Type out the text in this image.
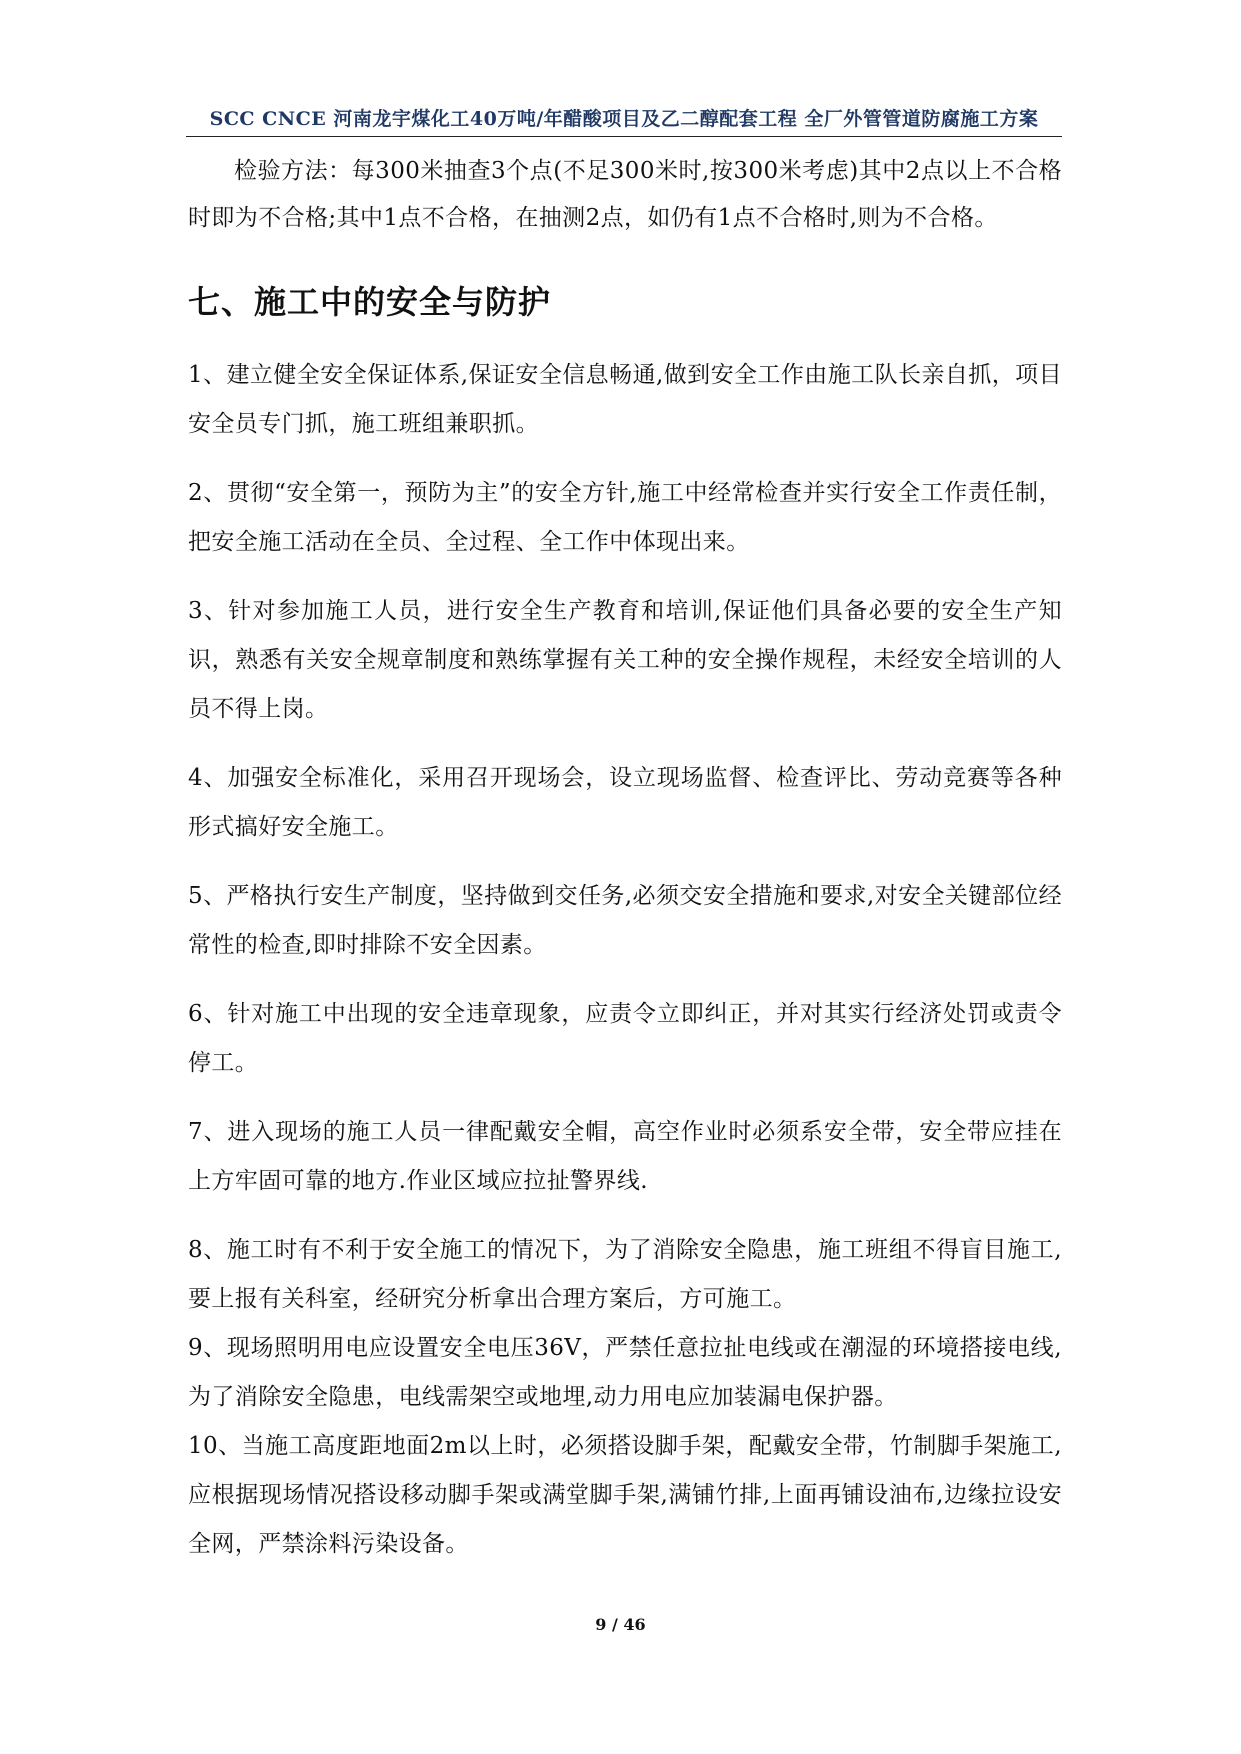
SCC CNCE 河南龙宇煤化工40万吨/年醋酸项目及乙二醇配套工程 全厂外管管道防腐施工方案

检验方法：每300米抽查3个点(不足300米时,按300米考虑)其中2点以上不合格时即为不合格;其中1点不合格，在抽测2点，如仍有1点不合格时,则为不合格。

七、施工中的安全与防护

1、建立健全安全保证体系,保证安全信息畅通,做到安全工作由施工队长亲自抓，项目安全员专门抓，施工班组兼职抓。

2、贯彻“安全第一，预防为主”的安全方针,施工中经常检查并实行安全工作责任制，把安全施工活动在全员、全过程、全工作中体现出来。

3、针对参加施工人员，进行安全生产教育和培训,保证他们具备必要的安全生产知识，熟悉有关安全规章制度和熟练掌握有关工种的安全操作规程，未经安全培训的人员不得上岗。

4、加强安全标准化，采用召开现场会，设立现场监督、检查评比、劳动竞赛等各种形式搞好安全施工。

5、严格执行安生产制度，坚持做到交任务,必须交安全措施和要求,对安全关键部位经常性的检查,即时排除不安全因素。

6、针对施工中出现的安全违章现象，应责令立即纠正，并对其实行经济处罚或责令停工。

7、进入现场的施工人员一律配戴安全帽，高空作业时必须系安全带，安全带应挂在上方牢固可靠的地方.作业区域应拉扯警界线.

8、施工时有不利于安全施工的情况下，为了消除安全隐患，施工班组不得盲目施工,要上报有关科室，经研究分析拿出合理方案后，方可施工。

9、现场照明用电应设置安全电压36V，严禁任意拉扯电线或在潮湿的环境搭接电线,为了消除安全隐患，电线需架空或地埋,动力用电应加装漏电保护器。

10、当施工高度距地面2m以上时，必须搭设脚手架，配戴安全带，竹制脚手架施工,应根据现场情况搭设移动脚手架或满堂脚手架,满铺竹排,上面再铺设油布,边缘拉设安全网，严禁涂料污染设备。

9 / 46
